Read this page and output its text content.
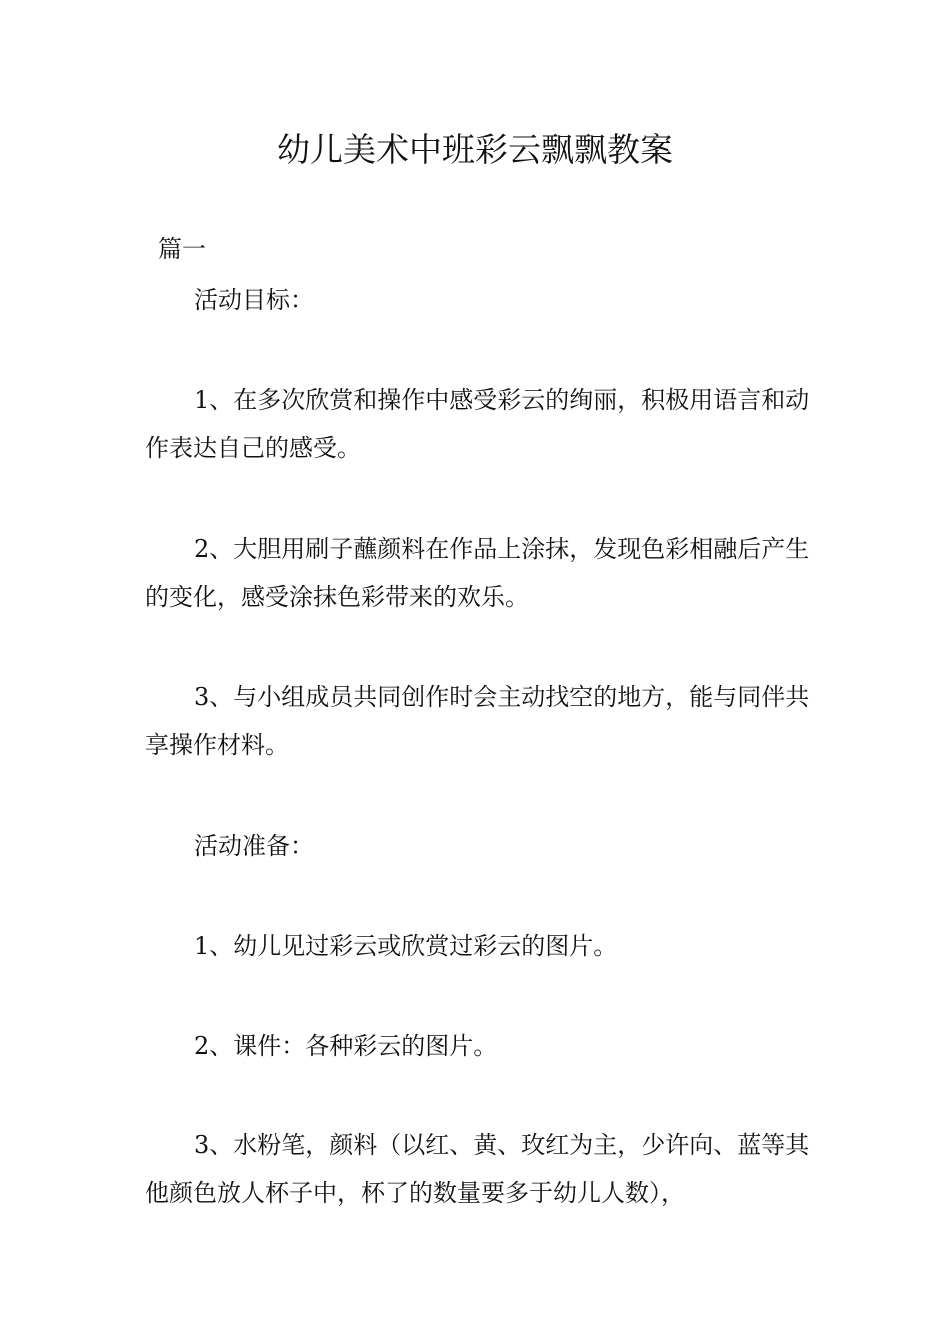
幼儿美术中班彩云飘飘教案
篇一

活动目标：

1、在多次欣赏和操作中感受彩云的绚丽，积极用语言和动作表达自己的感受。

2、大胆用刷子蘸颜料在作品上涂抹，发现色彩相融后产生的变化，感受涂抹色彩带来的欢乐。

3、与小组成员共同创作时会主动找空的地方，能与同伴共享操作材料。

活动准备：

1、幼儿见过彩云或欣赏过彩云的图片。

2、课件：各种彩云的图片。

3、水粉笔，颜料（以红、黄、玫红为主，少许向、蓝等其他颜色放人杯子中，杯了的数量要多于幼儿人数），
